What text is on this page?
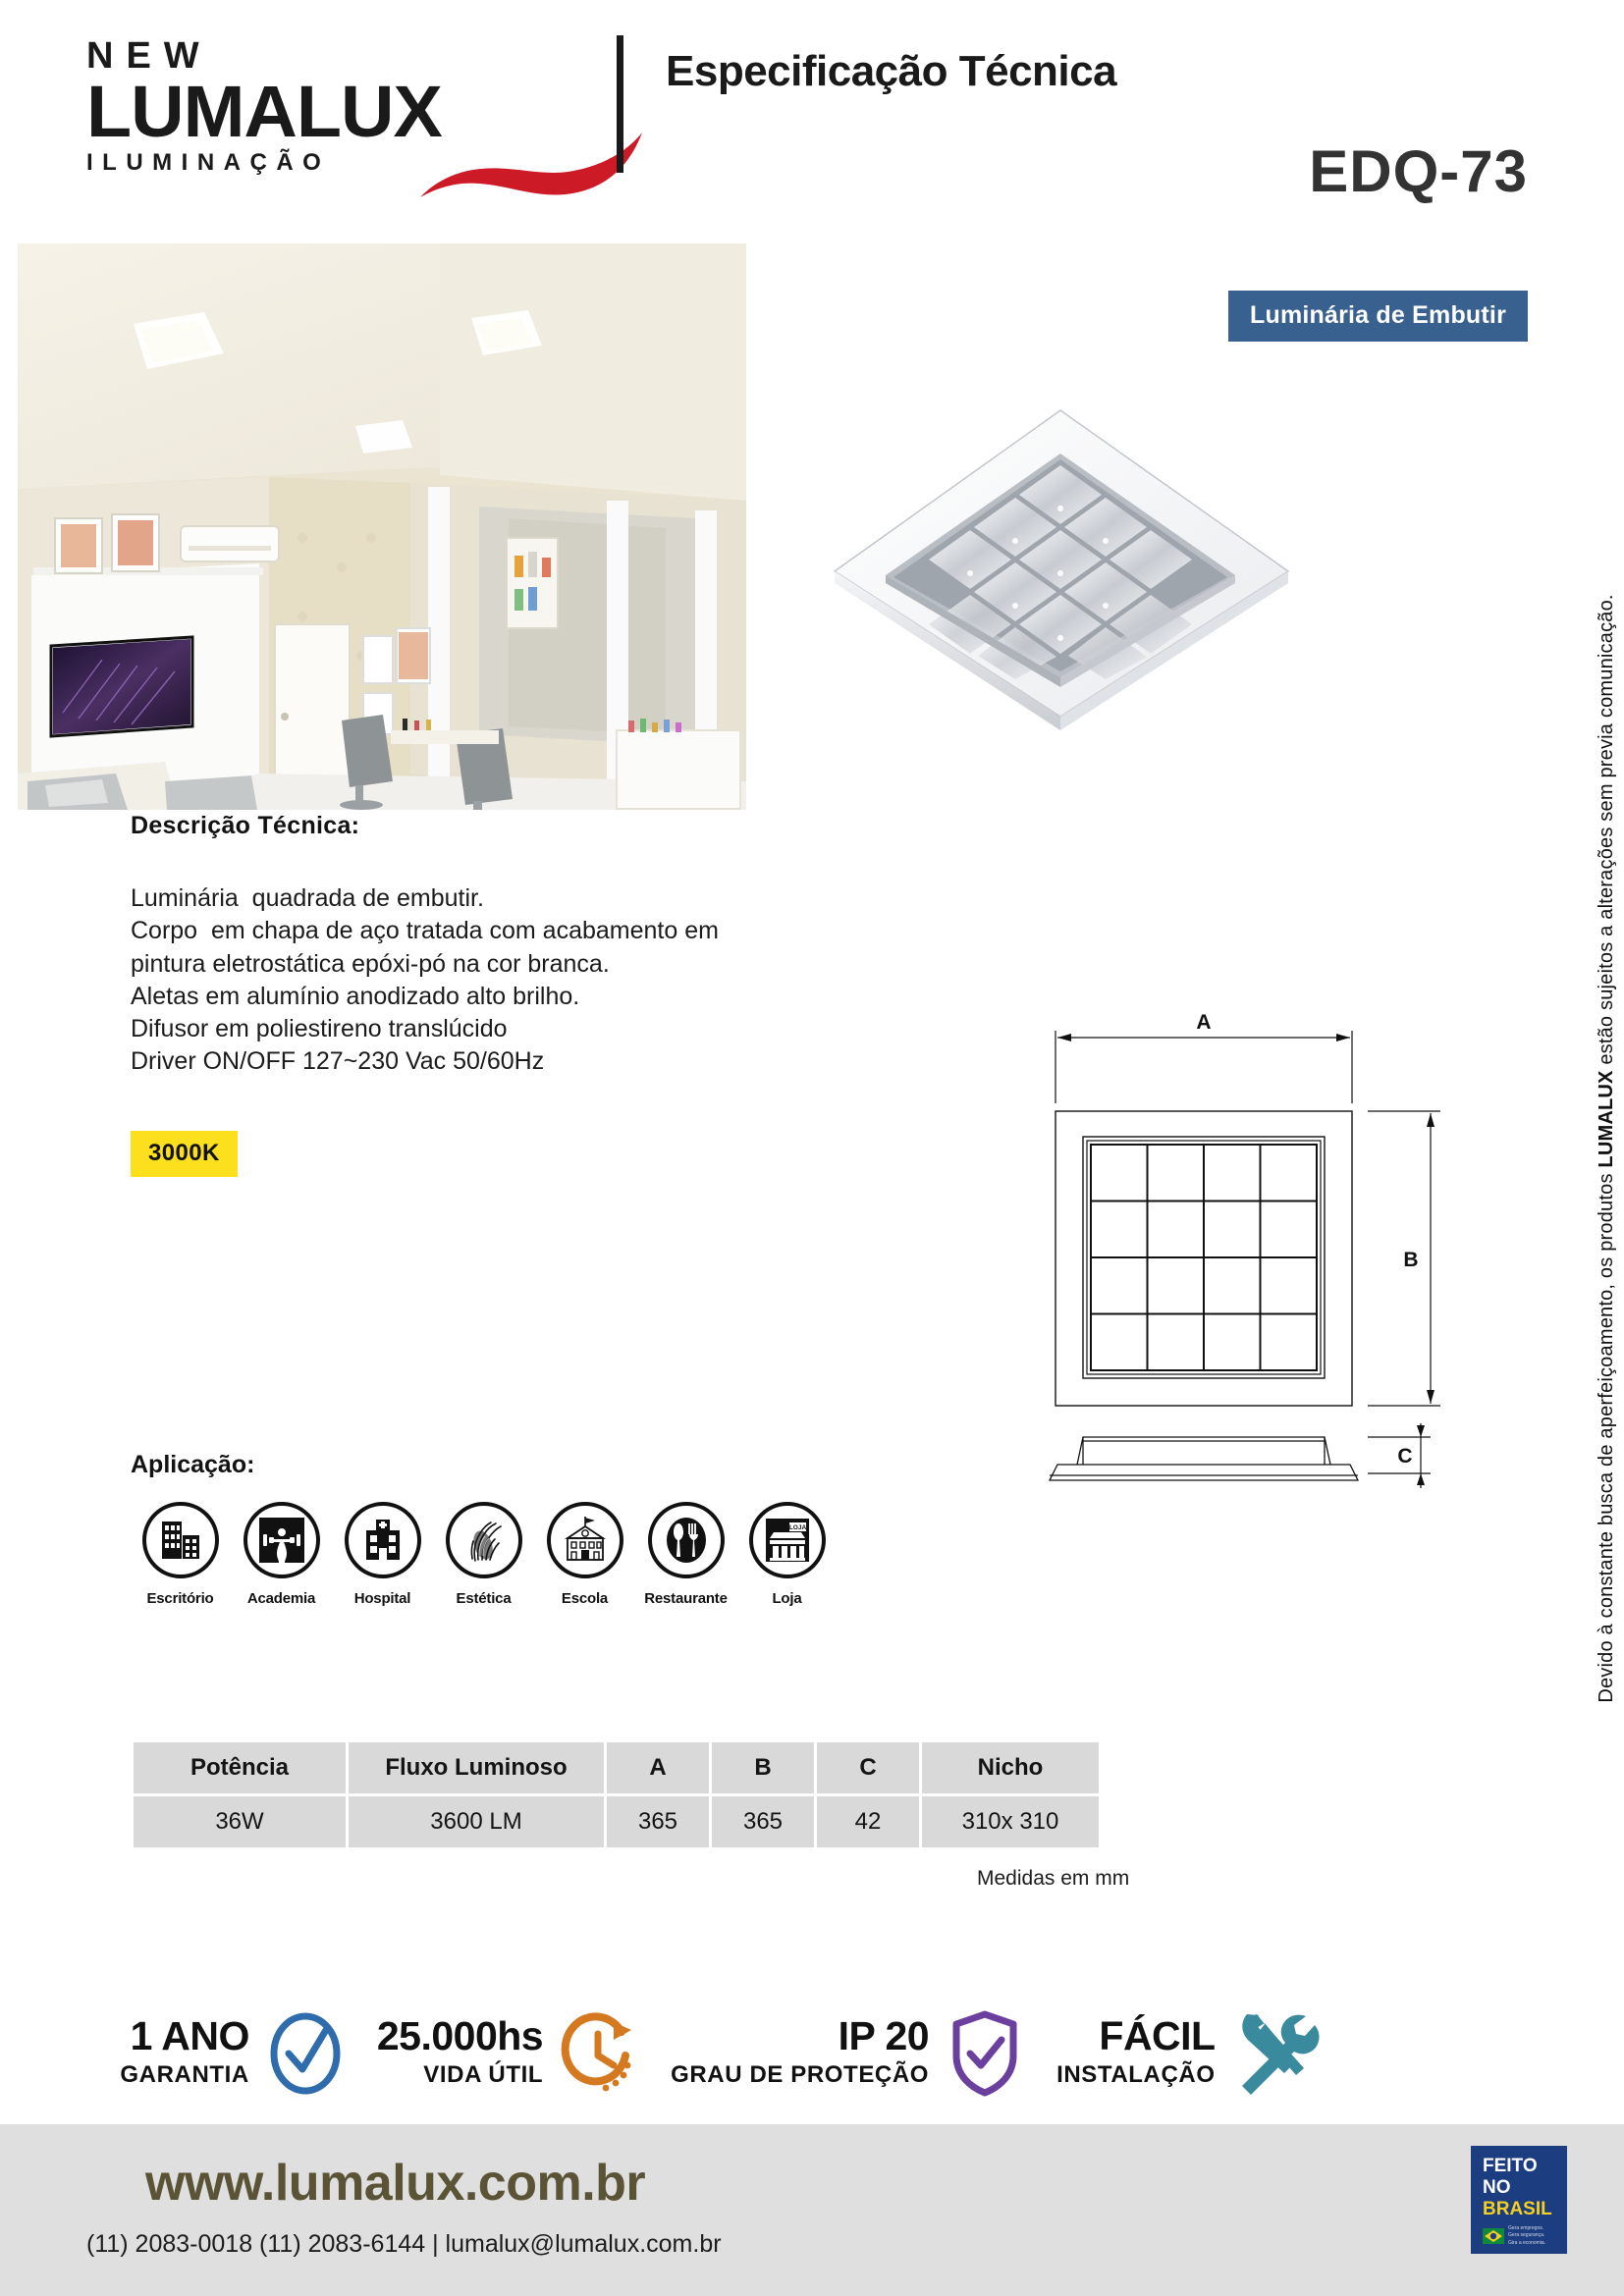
NEW
LUMALUX
ILUMINAÇÃO
Especificação Técnica
EDQ-73
Luminária de Embutir
Descrição Técnica:
Luminária  quadrada de embutir.
Corpo  em chapa de aço tratada com acabamento em
pintura eletrostática epóxi-pó na cor branca.
Aletas em alumínio anodizado alto brilho.
Difusor em poliestireno translúcido
Driver ON/OFF 127~230 Vac 50/60Hz
3000K
Aplicação:
Escritório	Academia	Hospital	Estética	Escola	Restaurante
LOJA
Loja
A
B
C
Potência	Fluxo Luminoso	A	B	C	Nicho
36W	3600 LM	365	365	42	310x 310
Medidas em mm
1 ANO
GARANTIA
25.000hs
VIDA ÚTIL
IP 20
GRAU DE PROTEÇÃO
FÁCIL
INSTALAÇÃO
Devido à constante busca de aperfeiçoamento, os produtos LUMALUX estão sujeitos a alterações sem previa comunicação.
www.lumalux.com.br
(11) 2083-0018 (11) 2083-6144 | lumalux@lumalux.com.br
FEITO
NO
BRASIL
Gera empregos.
Gera segurança.
Gira a economia.
